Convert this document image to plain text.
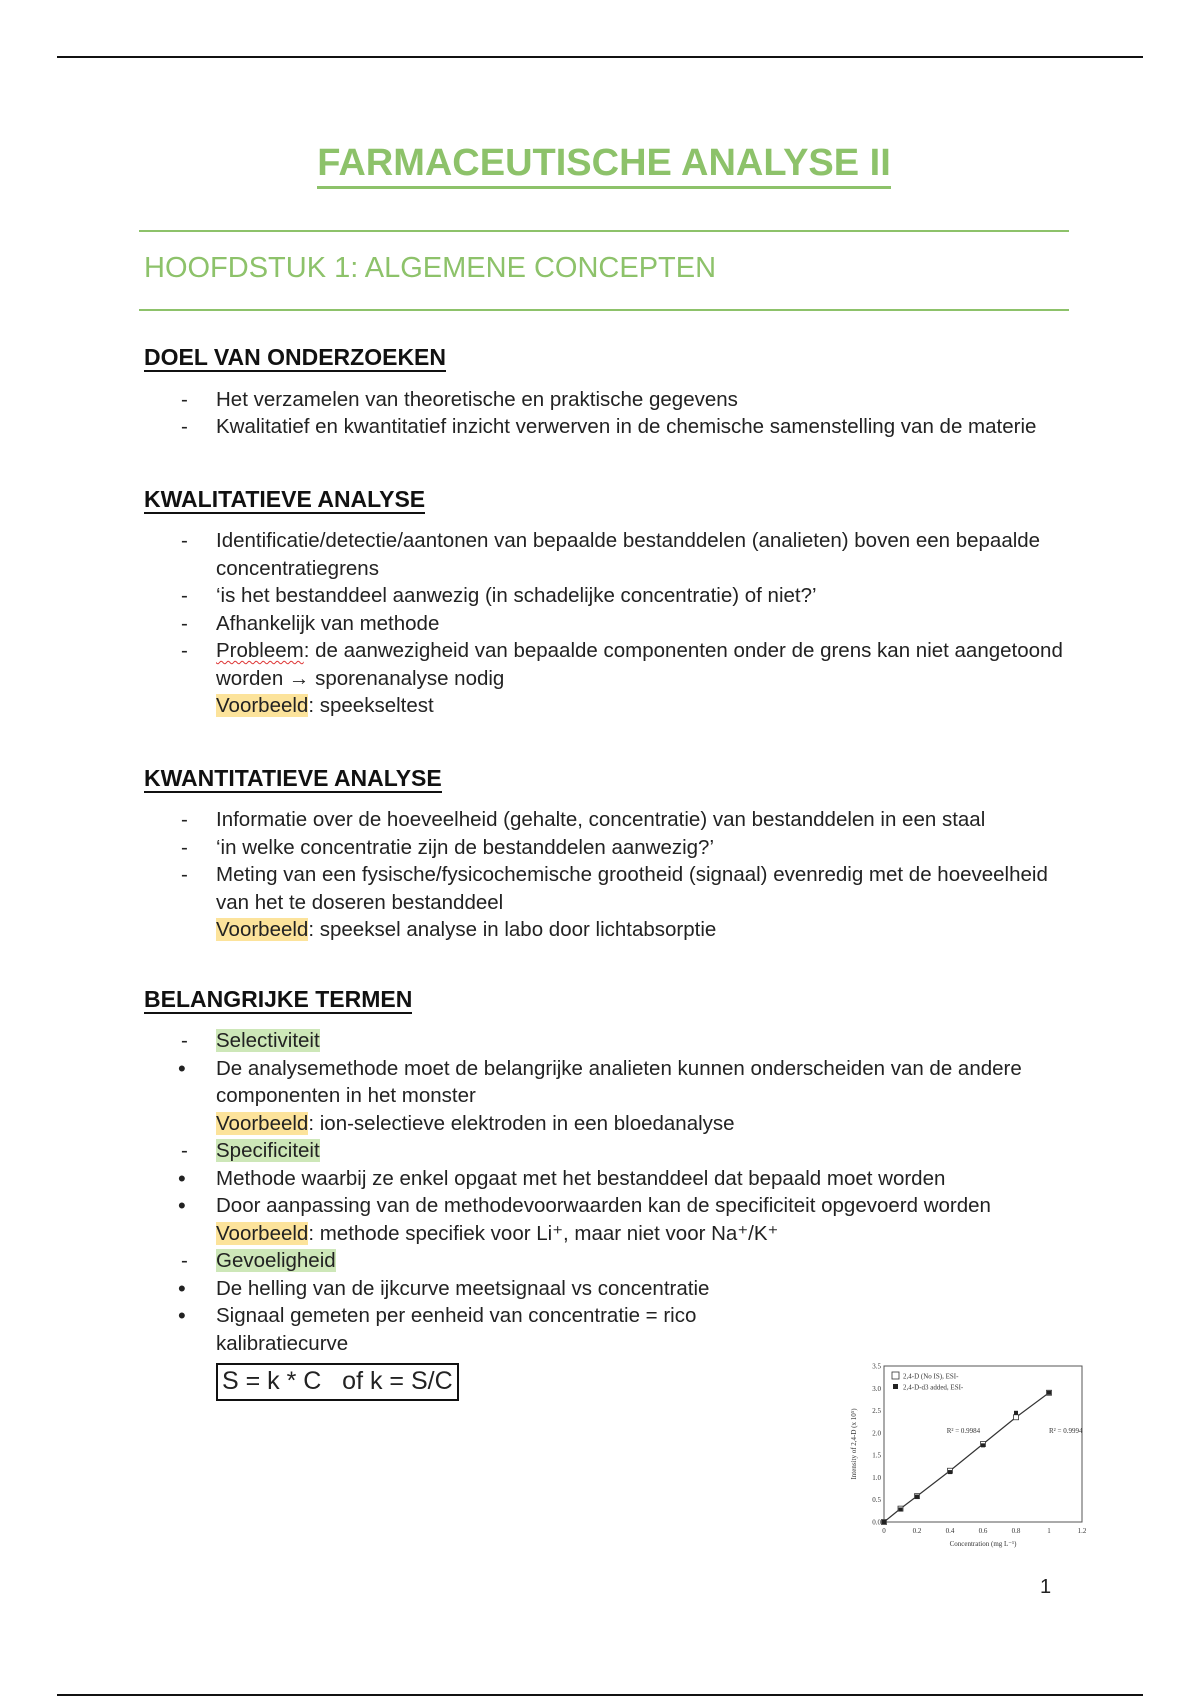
FARMACEUTISCHE ANALYSE II
HOOFDSTUK 1: ALGEMENE CONCEPTEN
DOEL VAN ONDERZOEKEN
- Het verzamelen van theoretische en praktische gegevens
- Kwalitatief en kwantitatief inzicht verwerven in de chemische samenstelling van de materie
KWALITATIEVE ANALYSE
- Identificatie/detectie/aantonen van bepaalde bestanddelen (analieten) boven een bepaalde concentratiegrens
- ‘is het bestanddeel aanwezig (in schadelijke concentratie) of niet?’
- Afhankelijk van methode
- Probleem: de aanwezigheid van bepaalde componenten onder de grens kan niet aangetoond worden → sporenanalyse nodig
Voorbeeld: speekseltest
KWANTITATIEVE ANALYSE
- Informatie over de hoeveelheid (gehalte, concentratie) van bestanddelen in een staal
- ‘in welke concentratie zijn de bestanddelen aanwezig?’
- Meting van een fysische/fysicochemische grootheid (signaal) evenredig met de hoeveelheid van het te doseren bestanddeel
Voorbeeld: speeksel analyse in labo door lichtabsorptie
BELANGRIJKE TERMEN
- Selectiviteit
• De analysemethode moet de belangrijke analieten kunnen onderscheiden van de andere componenten in het monster
Voorbeeld: ion-selectieve elektroden in een bloedanalyse
- Specificiteit
• Methode waarbij ze enkel opgaat met het bestanddeel dat bepaald moet worden
• Door aanpassing van de methodevoorwaarden kan de specificiteit opgevoerd worden
Voorbeeld: methode specifiek voor Li⁺, maar niet voor Na⁺/K⁺
- Gevoeligheid
• De helling van de ijkcurve meetsignaal vs concentratie
• Signaal gemeten per eenheid van concentratie = rico kalibratiecurve
S = k * C   of k = S/C
0	0.2	0.4	0.6	0.8	1	1.2
0.0
0.5
1.0
1.5
2.0
2.5
3.0
3.5
Concentration (mg L⁻¹)
Intensity of 2,4-D (x 10⁵)
2,4-D (No IS), ESI-
2,4-D-d3 added, ESI-
R² = 0.9984	R² = 0.9994
1
